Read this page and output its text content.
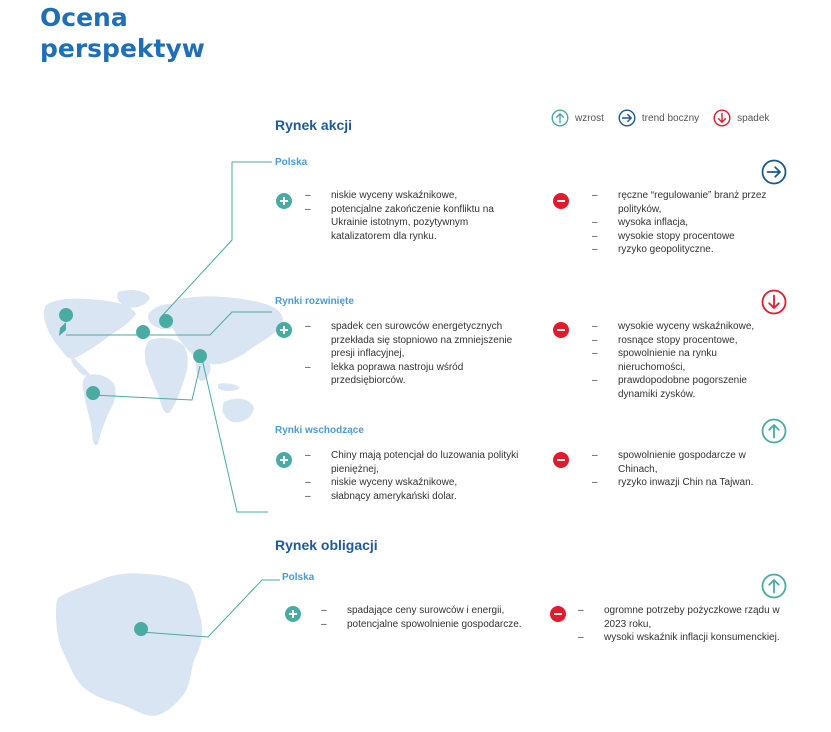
Ocena
perspektyw
wzrost	trend boczny	spadek
Rynek akcji
Polska
– niskie wyceny wskaźnikowe,
– potencjalne zakończenie konfliktu na Ukrainie istotnym, pozytywnym katalizatorem dla rynku.
– ręczne “regulowanie” branż przez polityków,
– wysoka inflacja,
– wysokie stopy procentowe
– ryzyko geopolityczne.
Rynki rozwinięte
– spadek cen surowców energetycznych przekłada się stopniowo na zmniejszenie presji inflacyjnej,
– lekka poprawa nastroju wśród przedsiębiorców.
– wysokie wyceny wskaźnikowe,
– rosnące stopy procentowe,
– spowolnienie na rynku nieruchomości,
– prawdopodobne pogorszenie dynamiki zysków.
Rynki wschodzące
– Chiny mają potencjał do luzowania polityki pieniężnej,
– niskie wyceny wskaźnikowe,
– słabnący amerykański dolar.
– spowolnienie gospodarcze w Chinach,
– ryzyko inwazji Chin na Tajwan.
Rynek obligacji
Polska
– spadające ceny surowców i energii,
– potencjalne spowolnienie gospodarcze.
– ogromne potrzeby pożyczkowe rządu w 2023 roku,
– wysoki wskaźnik inflacji konsumenckiej.
